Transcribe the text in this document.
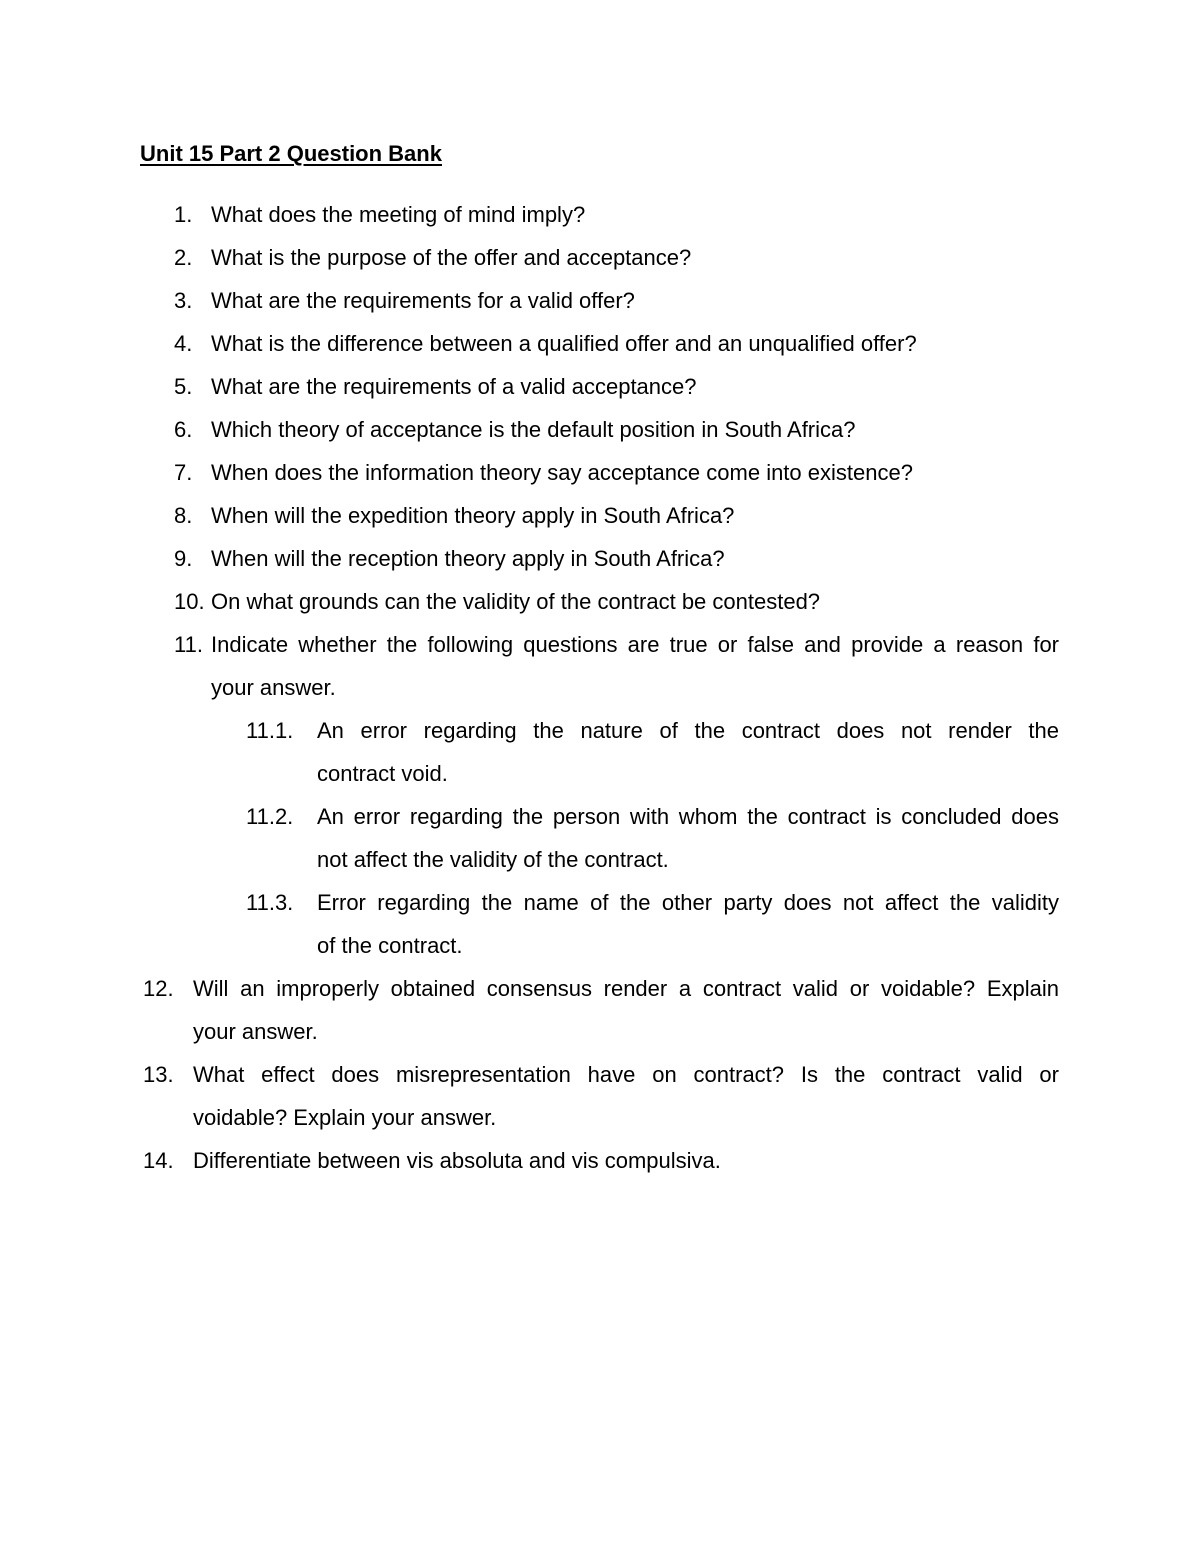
Unit 15 Part 2 Question Bank
1. What does the meeting of mind imply?
2. What is the purpose of the offer and acceptance?
3. What are the requirements for a valid offer?
4. What is the difference between a qualified offer and an unqualified offer?
5. What are the requirements of a valid acceptance?
6. Which theory of acceptance is the default position in South Africa?
7. When does the information theory say acceptance come into existence?
8. When will the expedition theory apply in South Africa?
9. When will the reception theory apply in South Africa?
10. On what grounds can the validity of the contract be contested?
11. Indicate whether the following questions are true or false and provide a reason for
your answer.
11.1. An error regarding the nature of the contract does not render the
contract void.
11.2. An error regarding the person with whom the contract is concluded does
not affect the validity of the contract.
11.3. Error regarding the name of the other party does not affect the validity
of the contract.
12. Will an improperly obtained consensus render a contract valid or voidable? Explain
your answer.
13. What effect does misrepresentation have on contract? Is the contract valid or
voidable? Explain your answer.
14. Differentiate between vis absoluta and vis compulsiva.
